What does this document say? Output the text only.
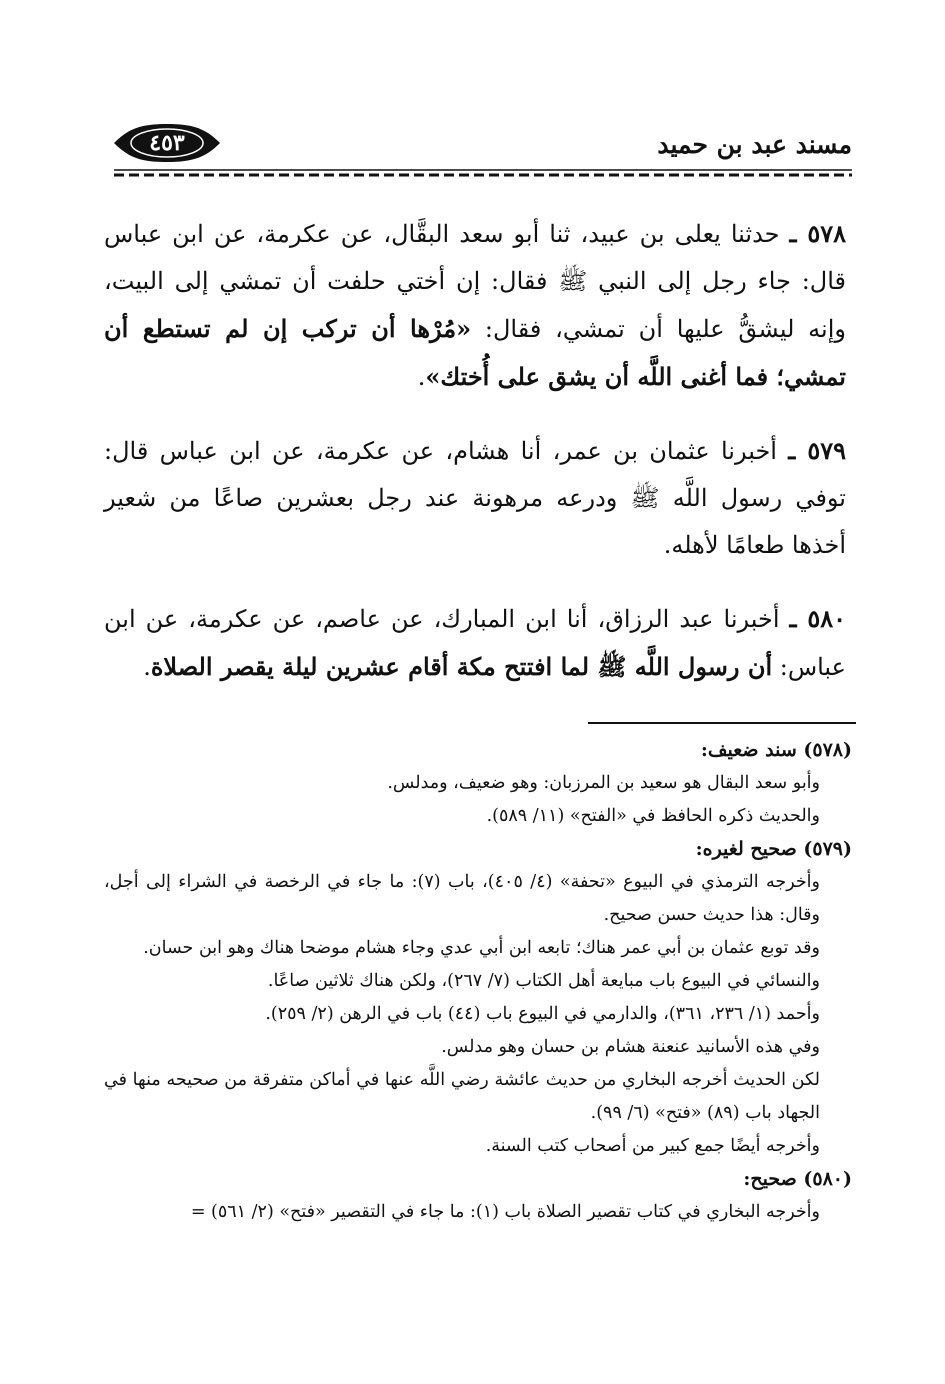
٤٥٣	مسند عبد بن حميد

٥٧٨ ـ حدثنا يعلى بن عبيد، ثنا أبو سعد البقَّال، عن عكرمة، عن ابن عباس قال: جاء رجل إلى النبي ﷺ فقال: إن أختي حلفت أن تمشي إلى البيت، وإنه ليشقُّ عليها أن تمشي، فقال: «مُرْها أن تركب إن لم تستطع أن تمشي؛ فما أغنى اللَّه أن يشق على أُختك».

٥٧٩ ـ أخبرنا عثمان بن عمر، أنا هشام، عن عكرمة، عن ابن عباس قال: توفي رسول اللَّه ﷺ ودرعه مرهونة عند رجل بعشرين صاعًا من شعير أخذها طعامًا لأهله.

٥٨٠ ـ أخبرنا عبد الرزاق، أنا ابن المبارك، عن عاصم، عن عكرمة، عن ابن عباس: أن رسول اللَّه ﷺ لما افتتح مكة أقام عشرين ليلة يقصر الصلاة.

(٥٧٨) سند ضعيف:
وأبو سعد البقال هو سعيد بن المرزبان: وهو ضعيف، ومدلس.
والحديث ذكره الحافظ في «الفتح» (١١/ ٥٨٩).
(٥٧٩) صحيح لغيره:
وأخرجه الترمذي في البيوع «تحفة» (٤/ ٤٠٥)، باب (٧): ما جاء في الرخصة في الشراء إلى أجل، وقال: هذا حديث حسن صحيح.
وقد توبع عثمان بن أبي عمر هناك؛ تابعه ابن أبي عدي وجاء هشام موضحا هناك وهو ابن حسان.
والنسائي في البيوع باب مبايعة أهل الكتاب (٧/ ٢٦٧)، ولكن هناك ثلاثين صاعًا.
وأحمد (١/ ٢٣٦، ٣٦١)، والدارمي في البيوع باب (٤٤) باب في الرهن (٢/ ٢٥٩).
وفي هذه الأسانيد عنعنة هشام بن حسان وهو مدلس.
لكن الحديث أخرجه البخاري من حديث عائشة رضي اللَّه عنها في أماكن متفرقة من صحيحه منها في الجهاد باب (٨٩) «فتح» (٦/ ٩٩).
وأخرجه أيضًا جمع كبير من أصحاب كتب السنة.
(٥٨٠) صحيح:
وأخرجه البخاري في كتاب تقصير الصلاة باب (١): ما جاء في التقصير «فتح» (٢/ ٥٦١) =
